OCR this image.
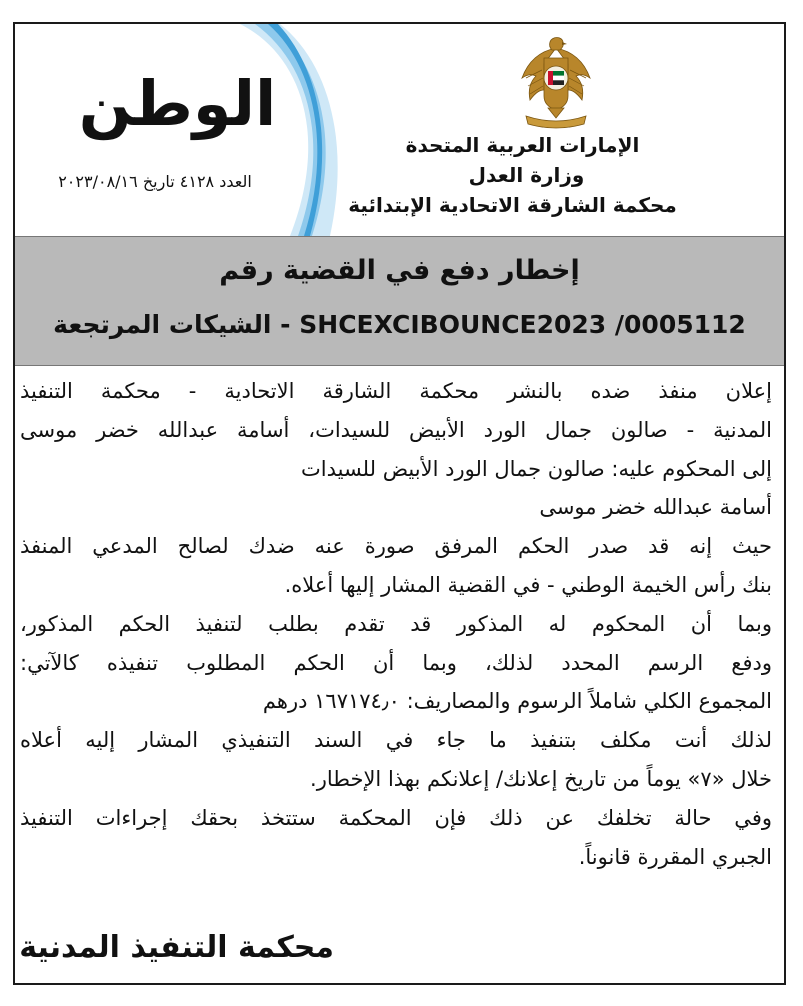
الإمارات العربية المتحدة
وزارة العدل
محكمة الشارقة الاتحادية الإبتدائية
الوطن
العدد ٤١٢٨ تاريخ ٢٠٢٣/٠٨/١٦
إخطار دفع في القضية رقم
SHCEXCIBOUNCE2023 /0005112 - الشيكات المرتجعة
إعلان منفذ ضده بالنشر محكمة الشارقة الاتحادية - محكمة التنفيذ
المدنية - صالون جمال الورد الأبيض للسيدات، أسامة عبدالله خضر موسى
إلى المحكوم عليه: صالون جمال الورد الأبيض للسيدات
أسامة عبدالله خضر موسى
حيث إنه قد صدر الحكم المرفق صورة عنه ضدك لصالح المدعي المنفذ
بنك رأس الخيمة الوطني - في القضية المشار إليها أعلاه.
وبما أن المحكوم له المذكور قد تقدم بطلب لتنفيذ الحكم المذكور،
ودفع الرسم المحدد لذلك، وبما أن الحكم المطلوب تنفيذه كالآتي:
المجموع الكلي شاملاً الرسوم والمصاريف: ١٦٧١٧٤٫٠ درهم
لذلك أنت مكلف بتنفيذ ما جاء في السند التنفيذي المشار إليه أعلاه
خلال «٧» يوماً من تاريخ إعلانك/ إعلانكم بهذا الإخطار.
وفي حالة تخلفك عن ذلك فإن المحكمة ستتخذ بحقك إجراءات التنفيذ
الجبري المقررة قانوناً.
محكمة التنفيذ المدنية
